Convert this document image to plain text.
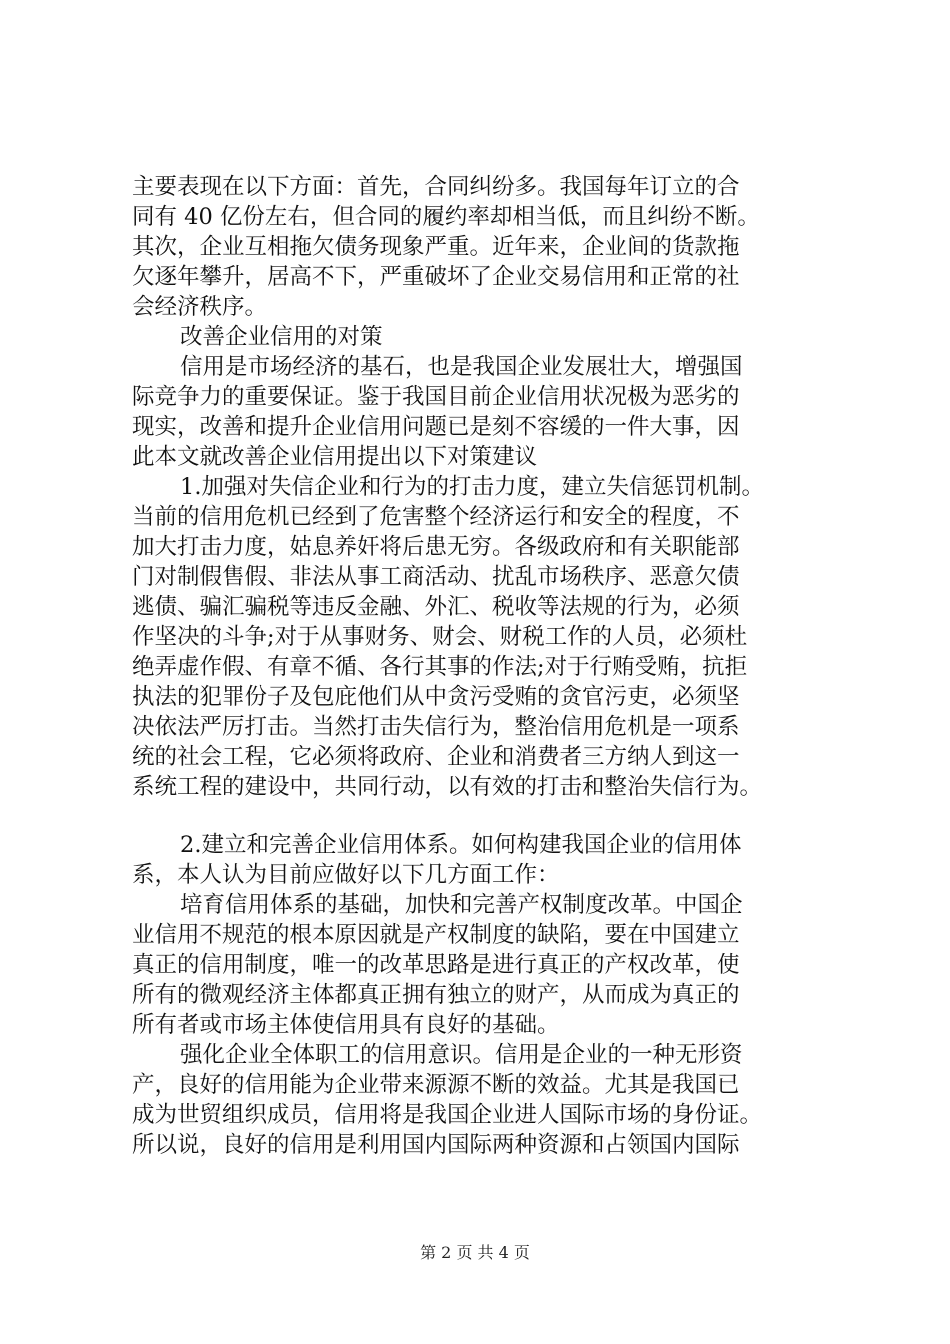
主要表现在以下方面：首先，合同纠纷多。我国每年订立的合
同有 40 亿份左右，但合同的履约率却相当低，而且纠纷不断。
其次，企业互相拖欠债务现象严重。近年来，企业间的货款拖
欠逐年攀升，居高不下，严重破坏了企业交易信用和正常的社
会经济秩序。
改善企业信用的对策
信用是市场经济的基石，也是我国企业发展壮大，增强国
际竞争力的重要保证。鉴于我国目前企业信用状况极为恶劣的
现实，改善和提升企业信用问题已是刻不容缓的一件大事，因
此本文就改善企业信用提出以下对策建议
1.加强对失信企业和行为的打击力度，建立失信惩罚机制。
当前的信用危机已经到了危害整个经济运行和安全的程度，不
加大打击力度，姑息养奸将后患无穷。各级政府和有关职能部
门对制假售假、非法从事工商活动、扰乱市场秩序、恶意欠债
逃债、骗汇骗税等违反金融、外汇、税收等法规的行为，必须
作坚决的斗争;对于从事财务、财会、财税工作的人员，必须杜
绝弄虚作假、有章不循、各行其事的作法;对于行贿受贿，抗拒
执法的犯罪份子及包庇他们从中贪污受贿的贪官污吏，必须坚
决依法严厉打击。当然打击失信行为，整治信用危机是一项系
统的社会工程，它必须将政府、企业和消费者三方纳人到这一
系统工程的建设中，共同行动，以有效的打击和整治失信行为。
2.建立和完善企业信用体系。如何构建我国企业的信用体
系，本人认为目前应做好以下几方面工作：
培育信用体系的基础，加快和完善产权制度改革。中国企
业信用不规范的根本原因就是产权制度的缺陷，要在中国建立
真正的信用制度，唯一的改革思路是进行真正的产权改革，使
所有的微观经济主体都真正拥有独立的财产，从而成为真正的
所有者或市场主体使信用具有良好的基础。
强化企业全体职工的信用意识。信用是企业的一种无形资
产，良好的信用能为企业带来源源不断的效益。尤其是我国已
成为世贸组织成员，信用将是我国企业进人国际市场的身份证。
所以说，良好的信用是利用国内国际两种资源和占领国内国际
第 2 页 共 4 页
